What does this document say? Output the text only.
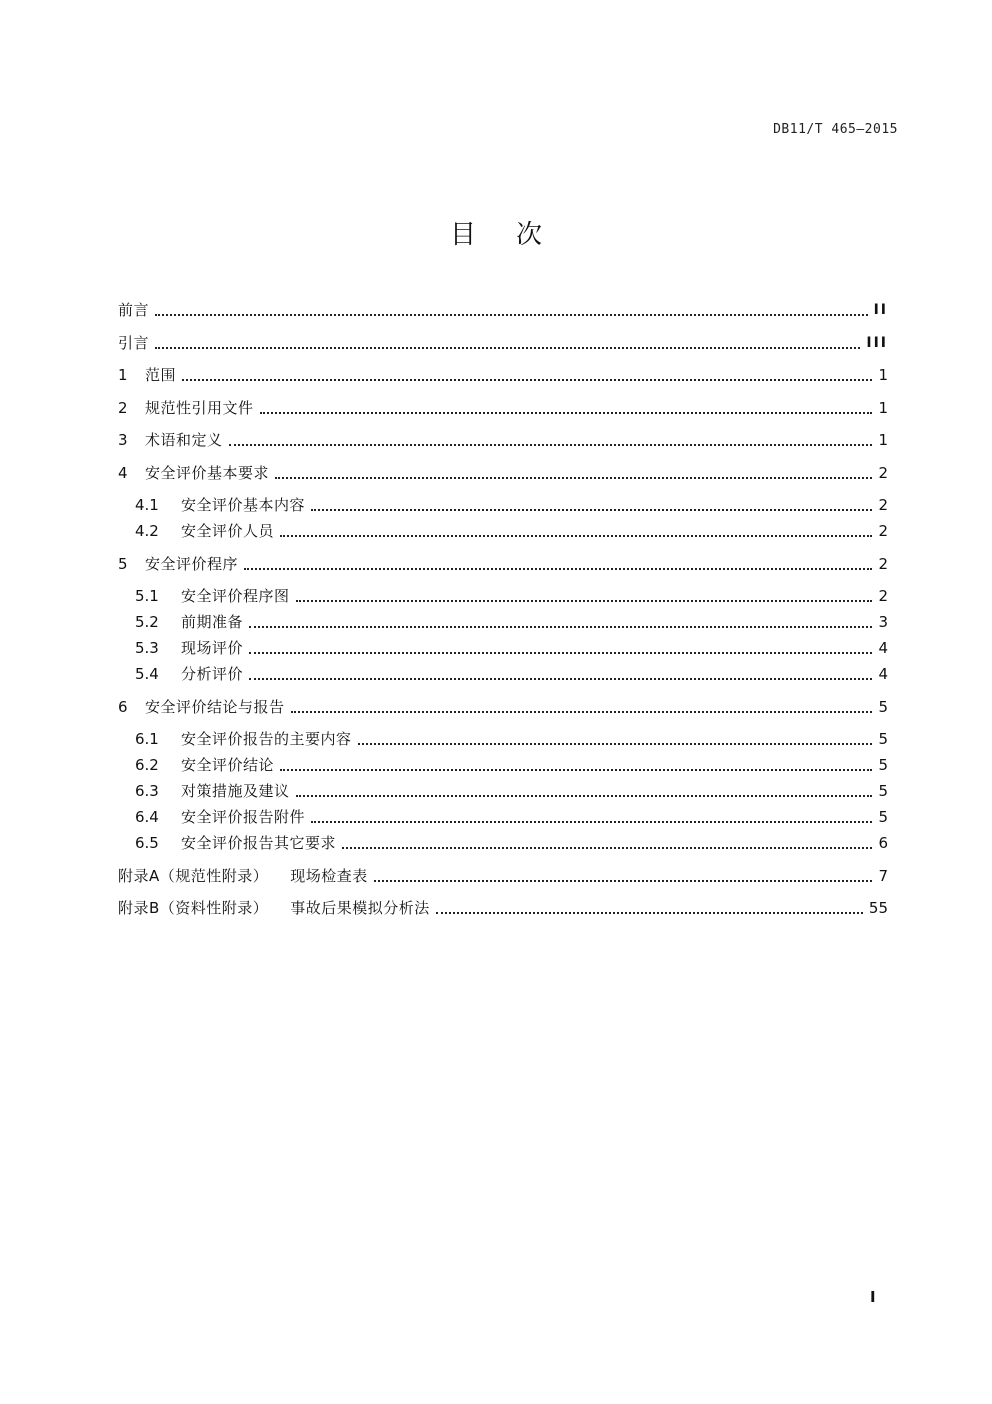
DB11/T 465—2015
目次
前言	II
引言	III
1	范围	1
2	规范性引用文件	1
3	术语和定义	1
4	安全评价基本要求	2
4.1	安全评价基本内容	2
4.2	安全评价人员	2
5	安全评价程序	2
5.1	安全评价程序图	2
5.2	前期准备	3
5.3	现场评价	4
5.4	分析评价	4
6	安全评价结论与报告	5
6.1	安全评价报告的主要内容	5
6.2	安全评价结论	5
6.3	对策措施及建议	5
6.4	安全评价报告附件	5
6.5	安全评价报告其它要求	6
附录A（规范性附录） 现场检查表	7
附录B（资料性附录） 事故后果模拟分析法	55
I
